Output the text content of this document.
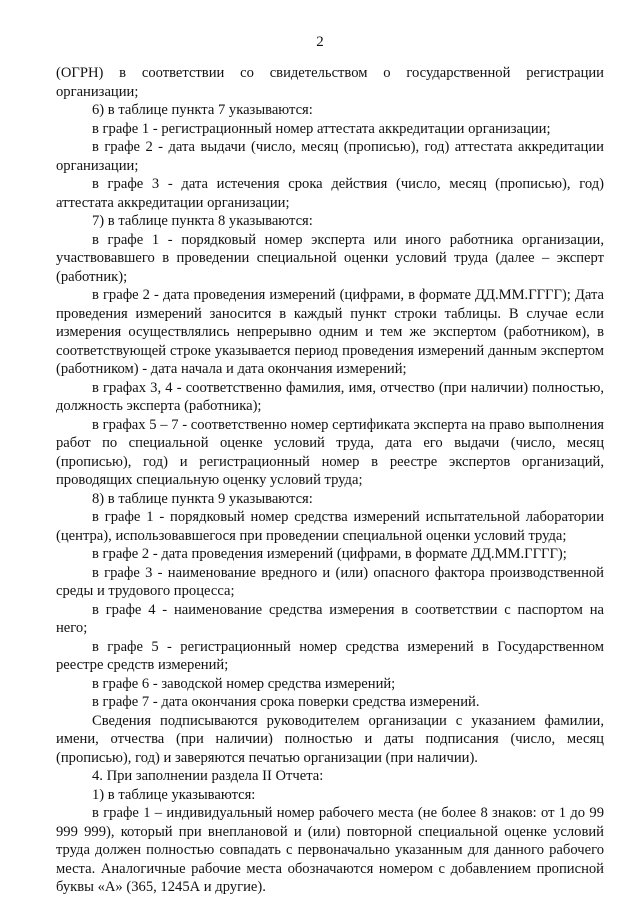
2

(ОГРН) в соответствии со свидетельством о государственной регистрации организации;

6) в таблице пункта 7 указываются:

в графе 1 - регистрационный номер аттестата аккредитации организации;

в графе 2 - дата выдачи (число, месяц (прописью), год) аттестата аккредитации организации;

в графе 3 - дата истечения срока действия (число, месяц (прописью), год) аттестата аккредитации организации;

7) в таблице пункта 8 указываются:

в графе 1 - порядковый номер эксперта или иного работника организации, участвовавшего в проведении специальной оценки условий труда (далее – эксперт (работник);

в графе 2 - дата проведения измерений (цифрами, в формате ДД.ММ.ГГГГ); Дата проведения измерений заносится в каждый пункт строки таблицы. В случае если измерения осуществлялись непрерывно одним и тем же экспертом (работником), в соответствующей строке указывается период проведения измерений данным экспертом (работником) - дата начала и дата окончания измерений;

в графах 3, 4 - соответственно фамилия, имя, отчество (при наличии) полностью, должность эксперта (работника);

в графах 5 – 7 - соответственно номер сертификата эксперта на право выполнения работ по специальной оценке условий труда, дата его выдачи (число, месяц (прописью), год) и регистрационный номер в реестре экспертов организаций, проводящих специальную оценку условий труда;

8) в таблице пункта 9 указываются:

в графе 1 - порядковый номер средства измерений испытательной лаборатории (центра), использовавшегося при проведении специальной оценки условий труда;

в графе 2 - дата проведения измерений (цифрами, в формате ДД.ММ.ГГГГ);

в графе 3 - наименование вредного и (или) опасного фактора производственной среды и трудового процесса;

в графе 4 - наименование средства измерения в соответствии с паспортом на него;

в графе 5 - регистрационный номер средства измерений в Государственном реестре средств измерений;

в графе 6 - заводской номер средства измерений;

в графе 7 - дата окончания срока поверки средства измерений.

Сведения подписываются руководителем организации с указанием фамилии, имени, отчества (при наличии) полностью и даты подписания (число, месяц (прописью), год) и заверяются печатью организации (при наличии).

4. При заполнении раздела II Отчета:

1) в таблице указываются:

в графе 1 – индивидуальный номер рабочего места (не более 8 знаков: от 1 до 99 999 999), который при внеплановой и (или) повторной специальной оценке условий труда должен полностью совпадать с первоначально указанным для данного рабочего места. Аналогичные рабочие места обозначаются номером с добавлением прописной буквы «А» (365, 1245А и другие).
